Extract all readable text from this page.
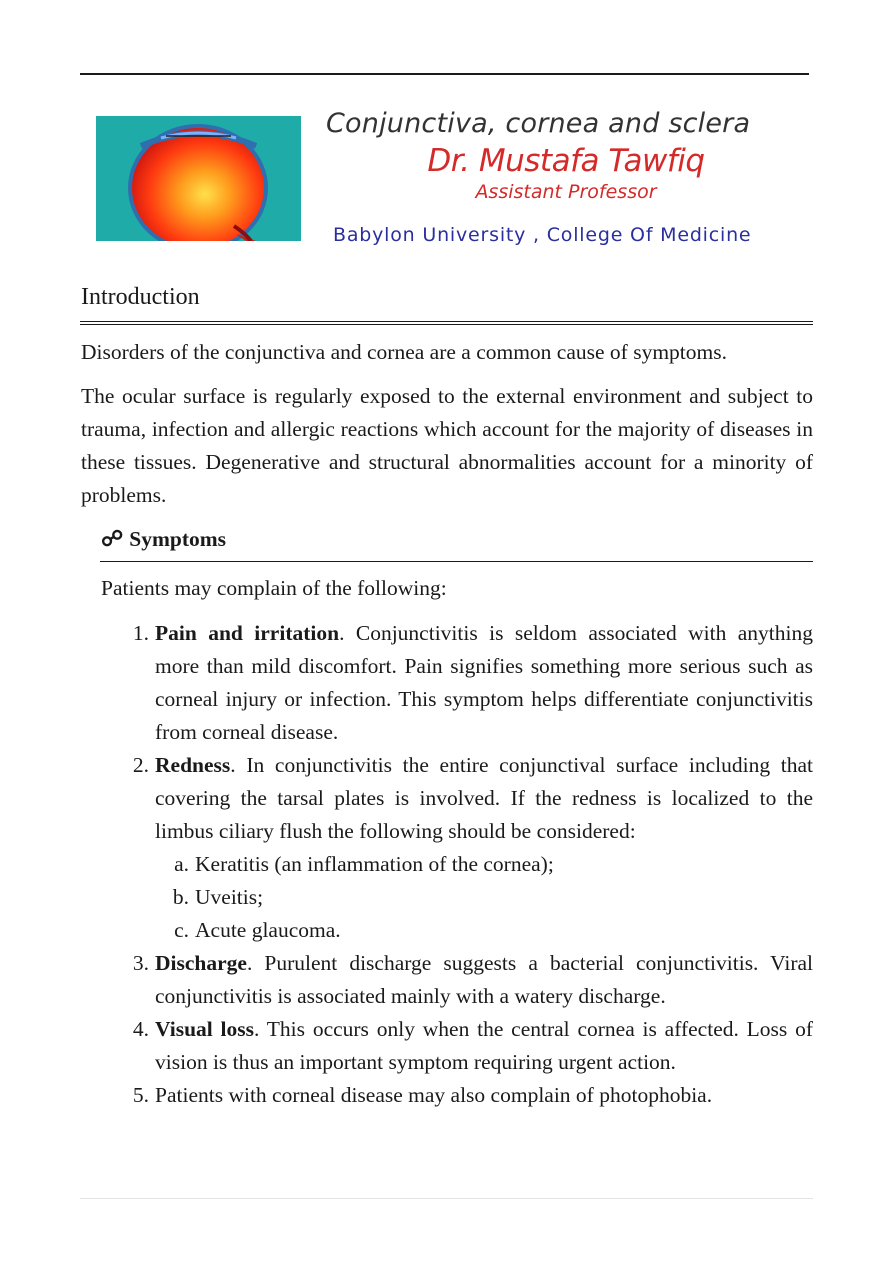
Conjunctiva, cornea and sclera
Dr. Mustafa Tawfiq
Assistant Professor
Babylon University , College Of Medicine
Introduction
Disorders of the conjunctiva and cornea are a common cause of symptoms.
The ocular surface is regularly exposed to the external environment and subject to trauma, infection and allergic reactions which account for the majority of diseases in these tissues. Degenerative and structural abnormalities account for a minority of problems.
☍ Symptoms
Patients may complain of the following:
1. Pain and irritation. Conjunctivitis is seldom associated with anything more than mild discomfort. Pain signifies something more serious such as corneal injury or infection. This symptom helps differentiate conjunctivitis from corneal disease.
2. Redness. In conjunctivitis the entire conjunctival surface including that covering the tarsal plates is involved. If the redness is localized to the limbus ciliary flush the following should be considered:
a. Keratitis (an inflammation of the cornea);
b. Uveitis;
c. Acute glaucoma.
3. Discharge. Purulent discharge suggests a bacterial conjunctivitis. Viral conjunctivitis is associated mainly with a watery discharge.
4. Visual loss. This occurs only when the central cornea is affected. Loss of vision is thus an important symptom requiring urgent action.
5. Patients with corneal disease may also complain of photophobia.
